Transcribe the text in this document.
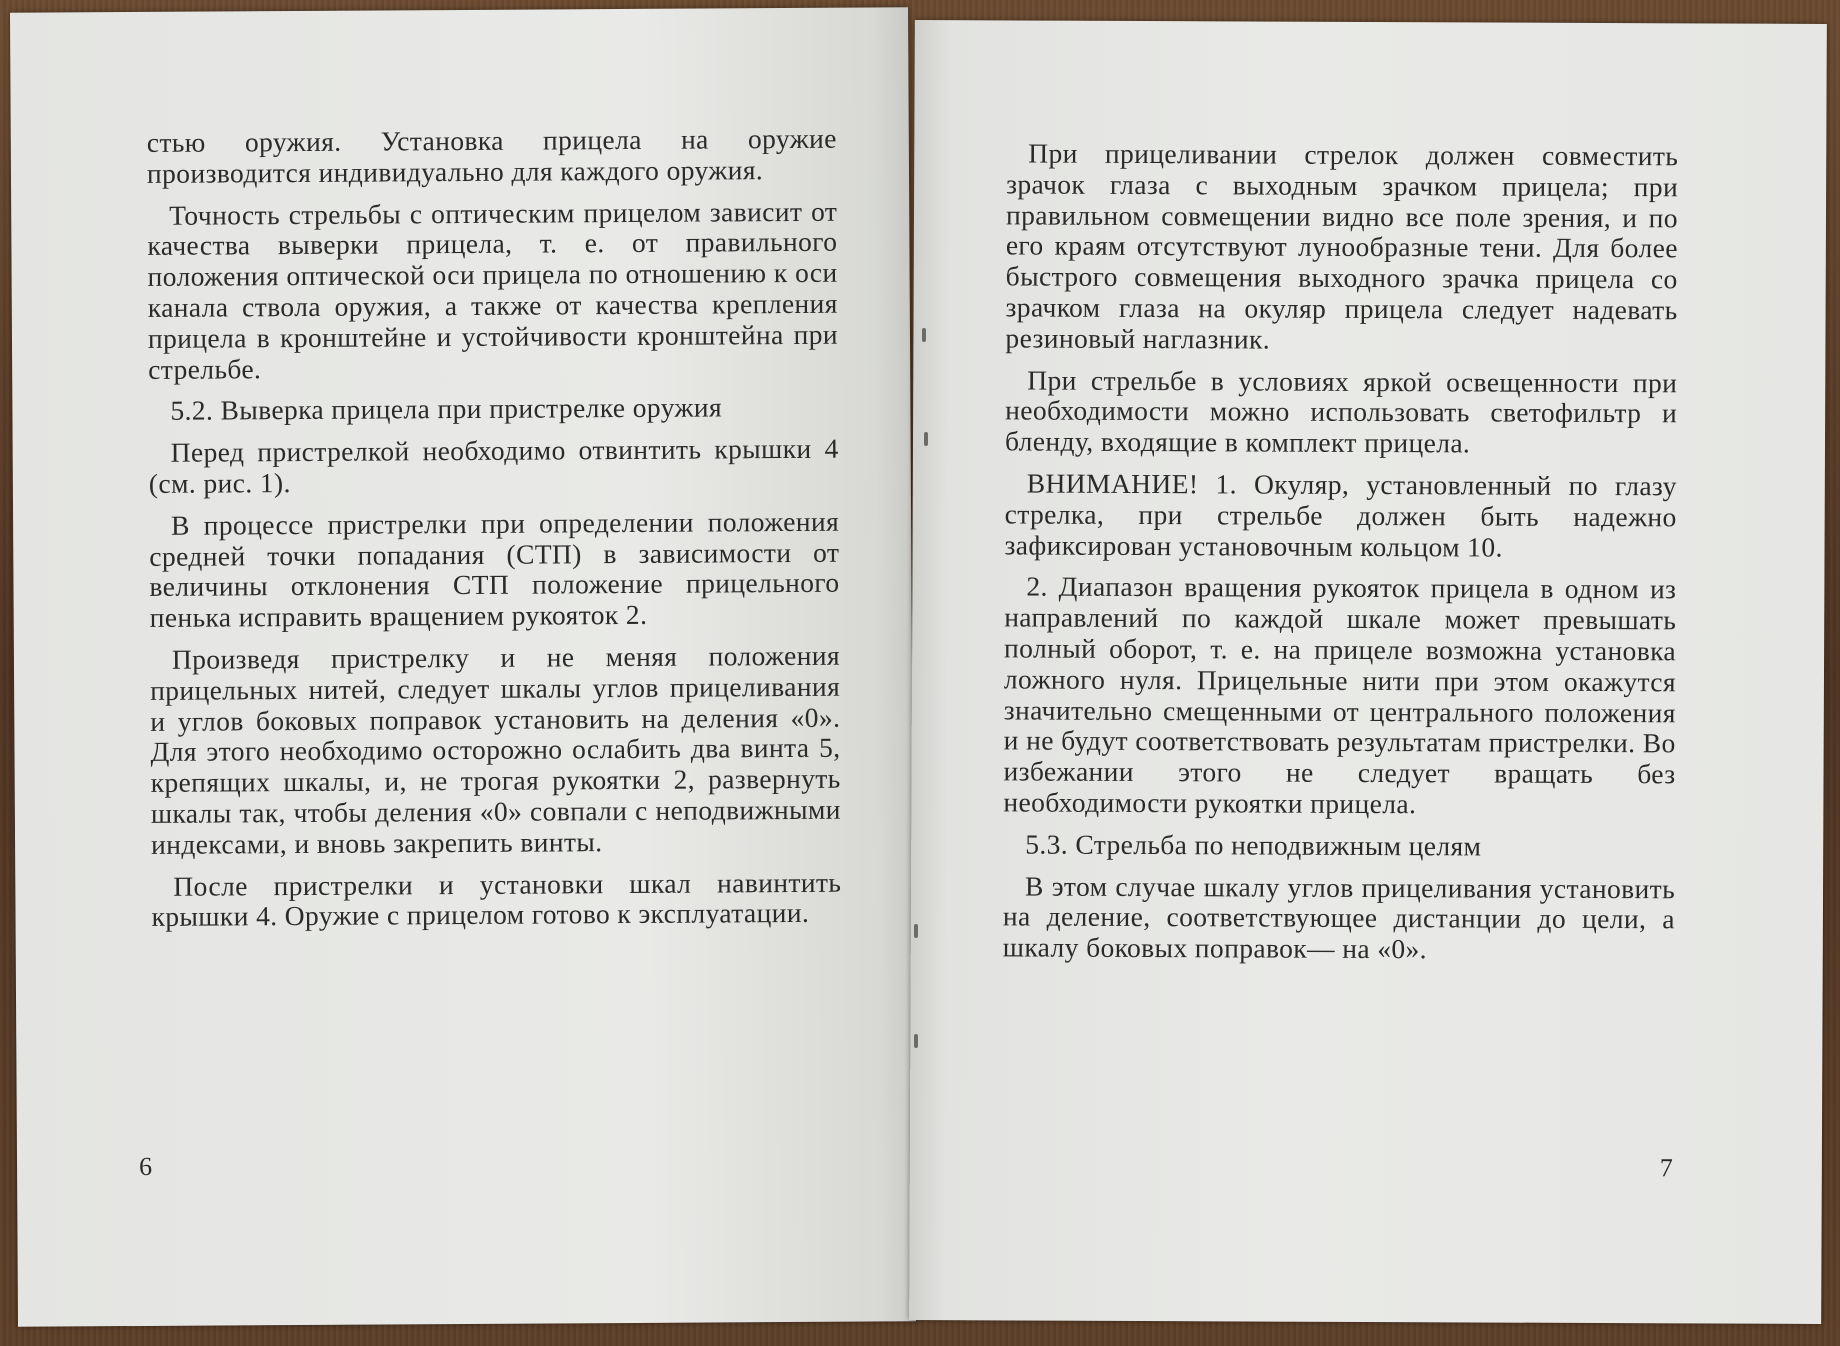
стью оружия. Установка прицела на оружие производится индивидуально для каждого оружия.

Точность стрельбы с оптическим прицелом зависит от качества выверки прицела, т. е. от правильного положения оптической оси прицела по отношению к оси канала ствола оружия, а также от качества крепления прицела в кронштейне и устойчивости кронштейна при стрельбе.

5.2. Выверка прицела при пристрелке оружия

Перед пристрелкой необходимо отвинтить крышки 4 (см. рис. 1).

В процессе пристрелки при определении положения средней точки попадания (СТП) в зависимости от величины отклонения СТП положение прицельного пенька исправить вращением рукояток 2.

Произведя пристрелку и не меняя положения прицельных нитей, следует шкалы углов прицеливания и углов боковых поправок установить на деления «0». Для этого необходимо осторожно ослабить два винта 5, крепящих шкалы, и, не трогая рукоятки 2, развернуть шкалы так, чтобы деления «0» совпали с неподвижными индексами, и вновь закрепить винты.

После пристрелки и установки шкал навинтить крышки 4. Оружие с прицелом готово к эксплуатации.

6

При прицеливании стрелок должен совместить зрачок глаза с выходным зрачком прицела; при правильном совмещении видно все поле зрения, и по его краям отсутствуют лунообразные тени. Для более быстрого совмещения выходного зрачка прицела со зрачком глаза на окуляр прицела следует надевать резиновый наглазник.

При стрельбе в условиях яркой освещенности при необходимости можно использовать светофильтр и бленду, входящие в комплект прицела.

ВНИМАНИЕ! 1. Окуляр, установленный по глазу стрелка, при стрельбе должен быть надежно зафиксирован установочным кольцом 10.

2. Диапазон вращения рукояток прицела в одном из направлений по каждой шкале может превышать полный оборот, т. е. на прицеле возможна установка ложного нуля. Прицельные нити при этом окажутся значительно смещенными от центрального положения и не будут соответствовать результатам пристрелки. Во избежании этого не следует вращать без необходимости рукоятки прицела.

5.3. Стрельба по неподвижным целям

В этом случае шкалу углов прицеливания установить на деление, соответствующее дистанции до цели, а шкалу боковых поправок— на «0».

7
